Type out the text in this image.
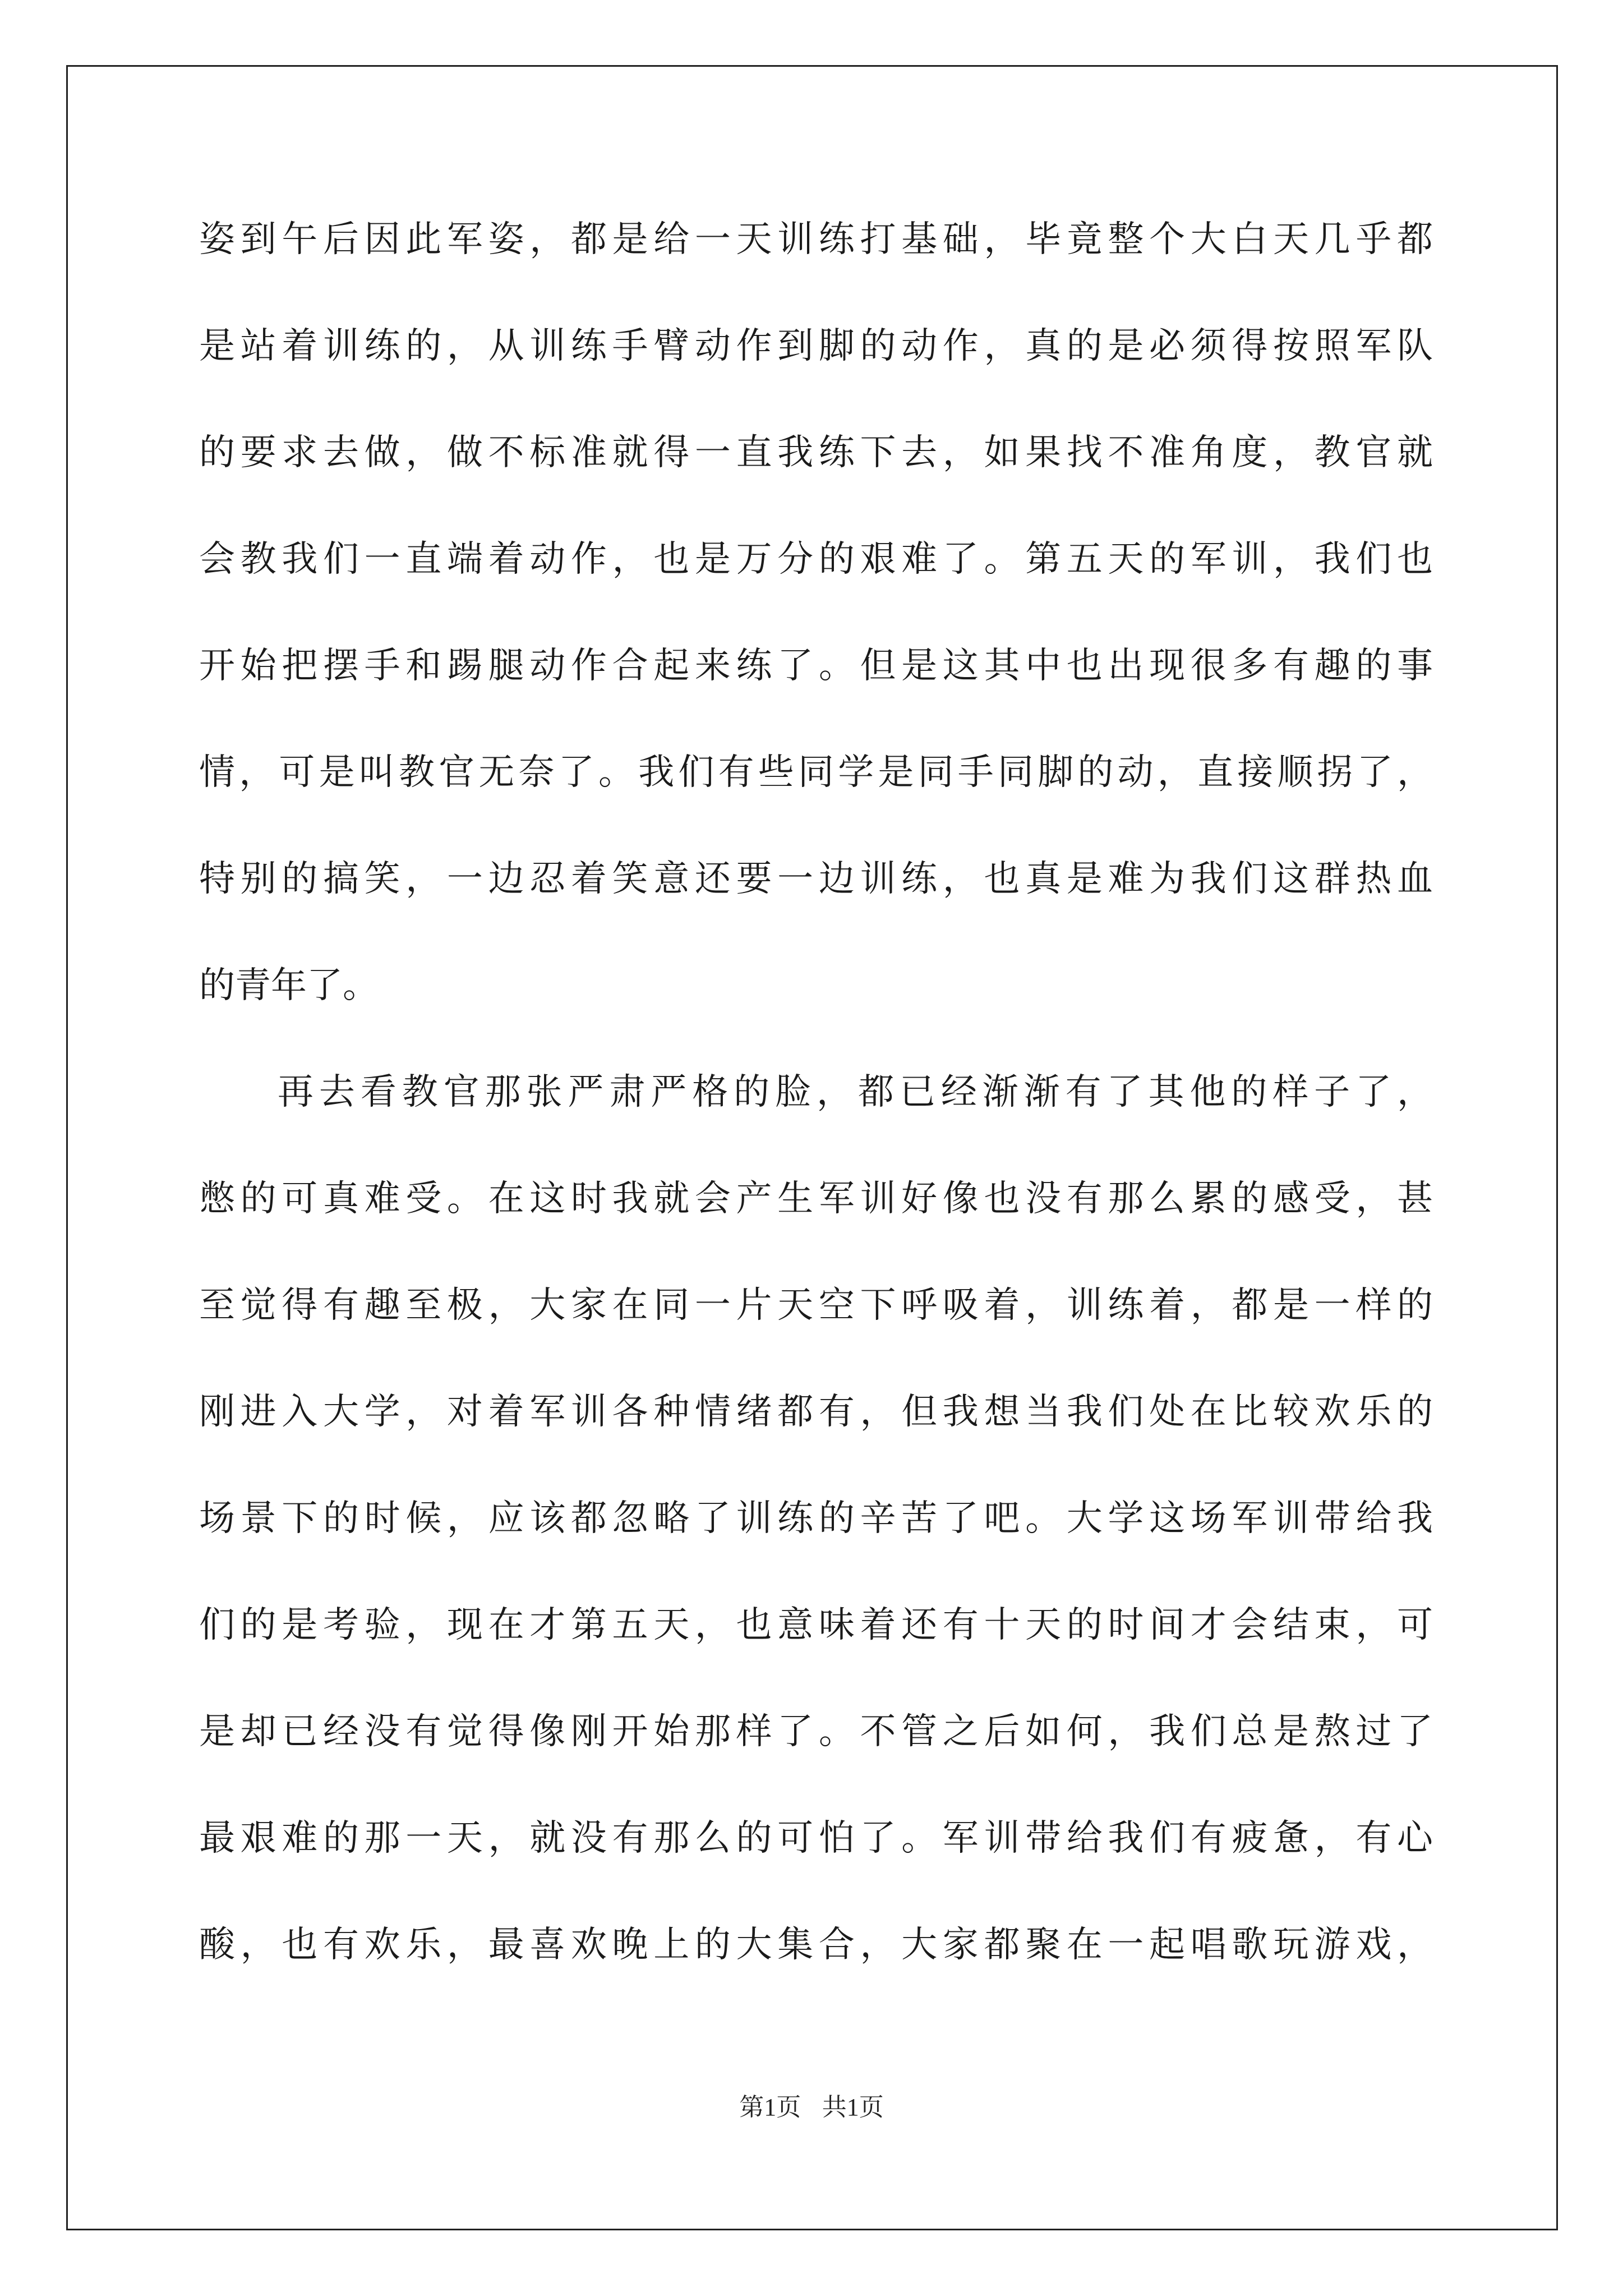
姿到午后因此军姿，都是给一天训练打基础，毕竟整个大白天几乎都
是站着训练的，从训练手臂动作到脚的动作，真的是必须得按照军队
的要求去做，做不标准就得一直我练下去，如果找不准角度，教官就
会教我们一直端着动作，也是万分的艰难了。第五天的军训，我们也
开始把摆手和踢腿动作合起来练了。但是这其中也出现很多有趣的事
情，可是叫教官无奈了。我们有些同学是同手同脚的动，直接顺拐了，
特别的搞笑，一边忍着笑意还要一边训练，也真是难为我们这群热血
的青年了。
再去看教官那张严肃严格的脸，都已经渐渐有了其他的样子了，
憋的可真难受。在这时我就会产生军训好像也没有那么累的感受，甚
至觉得有趣至极，大家在同一片天空下呼吸着，训练着，都是一样的
刚进入大学，对着军训各种情绪都有，但我想当我们处在比较欢乐的
场景下的时候，应该都忽略了训练的辛苦了吧。大学这场军训带给我
们的是考验，现在才第五天，也意味着还有十天的时间才会结束，可
是却已经没有觉得像刚开始那样了。不管之后如何，我们总是熬过了
最艰难的那一天，就没有那么的可怕了。军训带给我们有疲惫，有心
酸，也有欢乐，最喜欢晚上的大集合，大家都聚在一起唱歌玩游戏，
第1页 共1页
